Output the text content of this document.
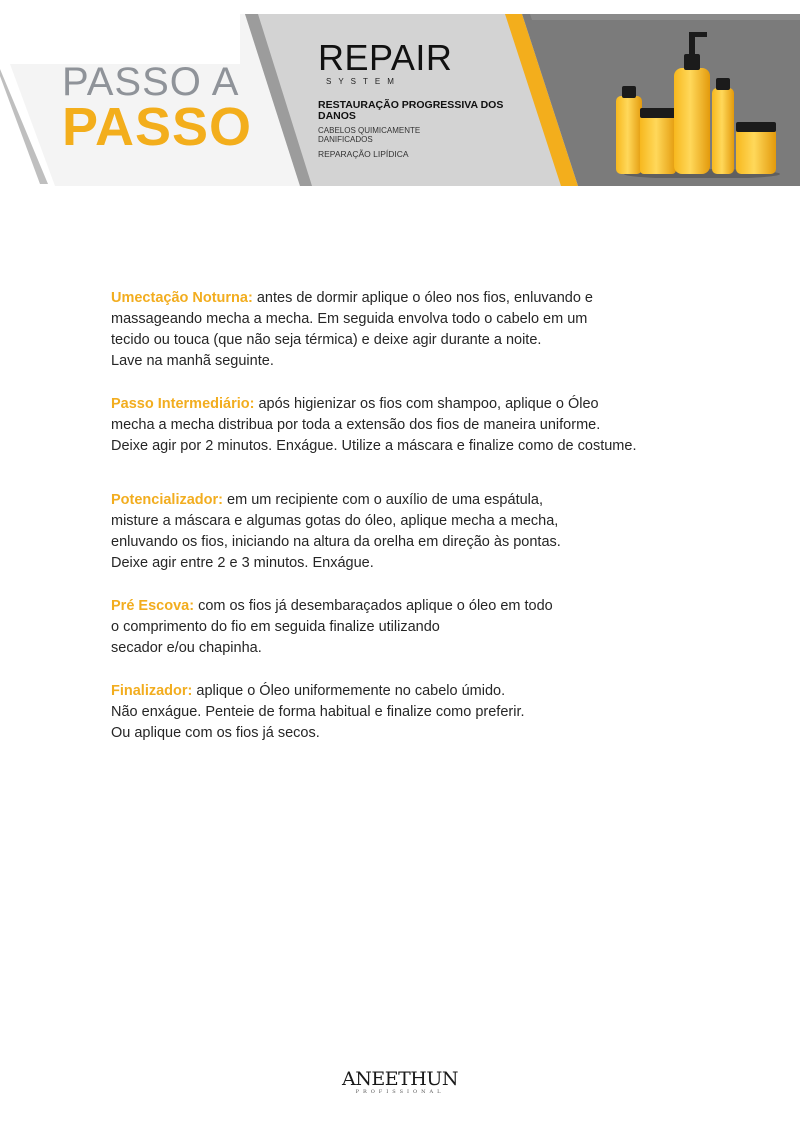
PASSO A
PASSO
REPAIR
SYSTEM
RESTAURAÇÃO PROGRESSIVA DOS DANOS
CABELOS QUIMICAMENTE
DANIFICADOS
REPARAÇÃO LIPÍDICA

Umectação Noturna: antes de dormir aplique o óleo nos fios, enluvando e
massageando mecha a mecha. Em seguida envolva todo o cabelo em um
tecido ou touca (que não seja térmica) e deixe agir durante a noite.
Lave na manhã seguinte.

Passo Intermediário: após higienizar os fios com shampoo, aplique o Óleo
mecha a mecha distribua por toda a extensão dos fios de maneira uniforme.
Deixe agir por 2 minutos. Enxágue. Utilize a máscara e finalize como de costume.

Potencializador: em um recipiente com o auxílio de uma espátula,
misture a máscara e algumas gotas do óleo, aplique mecha a mecha,
enluvando os fios, iniciando na altura da orelha em direção às pontas.
Deixe agir entre 2 e 3 minutos. Enxágue.

Pré Escova: com os fios já desembaraçados aplique o óleo em todo
o comprimento do fio em seguida finalize utilizando
secador e/ou chapinha.

Finalizador: aplique o Óleo uniformemente no cabelo úmido.
Não enxágue. Penteie de forma habitual e finalize como preferir.
Ou aplique com os fios já secos.

ANEETHUN
PROFISSIONAL
